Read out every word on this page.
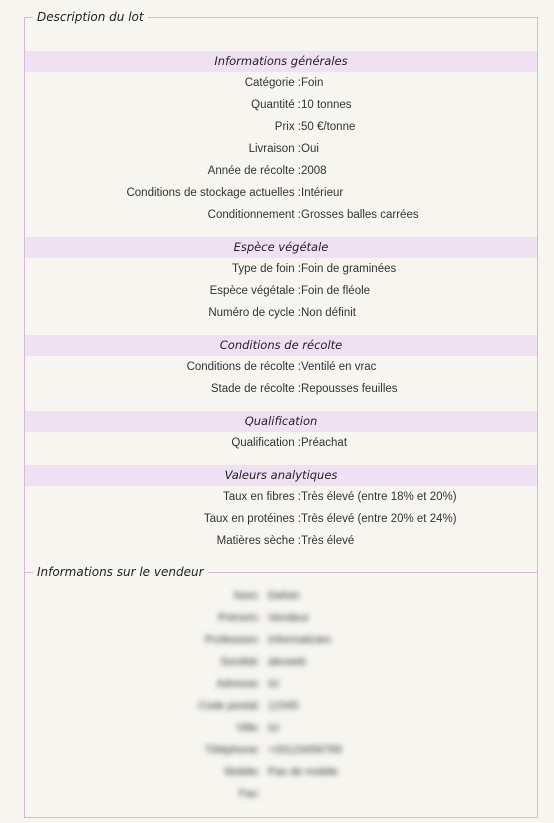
Description du lot
Informations générales
Catégorie : Foin
Quantité : 10 tonnes
Prix : 50 €/tonne
Livraison : Oui
Année de récolte : 2008
Conditions de stockage actuelles : Intérieur
Conditionnement : Grosses balles carrées
Espèce végétale
Type de foin : Foin de graminées
Espèce végétale : Foin de fléole
Numéro de cycle : Non définit
Conditions de récolte
Conditions de récolte : Ventilé en vrac
Stade de récolte : Repousses feuilles
Qualification
Qualification : Préachat
Valeurs analytiques
Taux en fibres : Très élevé (entre 18% et 20%)
Taux en protéines : Très élevé (entre 20% et 24%)
Matières sèche : Très élevé
Informations sur le vendeur
Nom: Defoin
Prénom: Vendeur
Profession: Informaticien
Société: abcweb
Adresse: Ici
Code postal: 12345
Ville: Ici
Téléphone: +33123456789
Mobile: Pas de mobile
Fax:
